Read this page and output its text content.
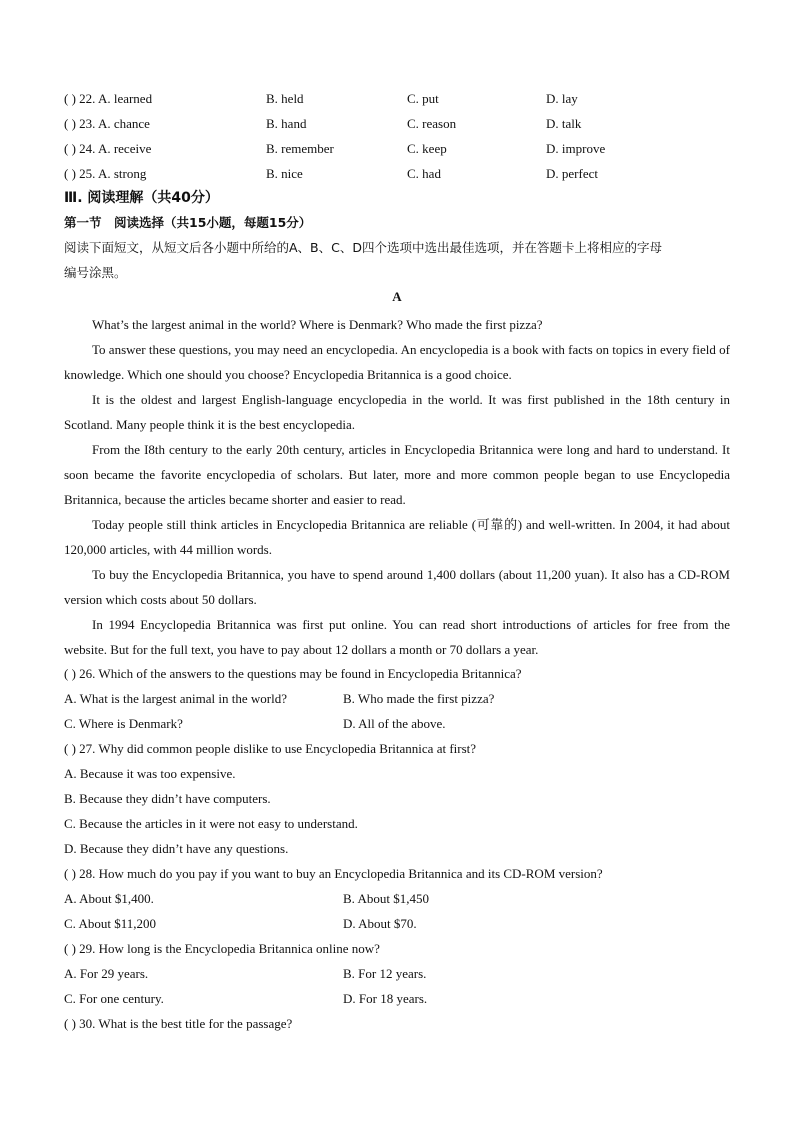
( ) 22. A. learned	B. held	C. put	D. lay
( ) 23. A. chance	B. hand	C. reason	D. talk
( ) 24. A. receive	B. remember	C. keep	D. improve
( ) 25. A. strong	B. nice	C. had	D. perfect
Ⅲ. 阅读理解（共40分）
第一节　阅读选择（共15小题，每题15分）
阅读下面短文，从短文后各小题中所给的A、B、C、D四个选项中选出最佳选项，并在答题卡上将相应的字母
编号涂黑。
A

What’s the largest animal in the world? Where is Denmark? Who made the first pizza?

To answer these questions, you may need an encyclopedia. An encyclopedia is a book with facts on topics in every field of knowledge. Which one should you choose? Encyclopedia Britannica is a good choice.

It is the oldest and largest English-language encyclopedia in the world. It was first published in the 18th century in Scotland. Many people think it is the best encyclopedia.

From the I8th century to the early 20th century, articles in Encyclopedia Britannica were long and hard to understand. It soon became the favorite encyclopedia of scholars. But later, more and more common people began to use Encyclopedia Britannica, because the articles became shorter and easier to read.

Today people still think articles in Encyclopedia Britannica are reliable (可靠的) and well-written. In 2004, it had about 120,000 articles, with 44 million words.

To buy the Encyclopedia Britannica, you have to spend around 1,400 dollars (about 11,200 yuan). It also has a CD-ROM version which costs about 50 dollars.

In 1994 Encyclopedia Britannica was first put online. You can read short introductions of articles for free from the website. But for the full text, you have to pay about 12 dollars a month or 70 dollars a year.

( ) 26. Which of the answers to the questions may be found in Encyclopedia Britannica?
A. What is the largest animal in the world?	B. Who made the first pizza?
C. Where is Denmark?	D. All of the above.
( ) 27. Why did common people dislike to use Encyclopedia Britannica at first?
A. Because it was too expensive.
B. Because they didn’t have computers.
C. Because the articles in it were not easy to understand.
D. Because they didn’t have any questions.
( ) 28. How much do you pay if you want to buy an Encyclopedia Britannica and its CD-ROM version?
A. About $1,400.	B. About $1,450
C. About $11,200	D. About $70.
( ) 29. How long is the Encyclopedia Britannica online now?
A. For 29 years.	B. For 12 years.
C. For one century.	D. For 18 years.
( ) 30. What is the best title for the passage?
